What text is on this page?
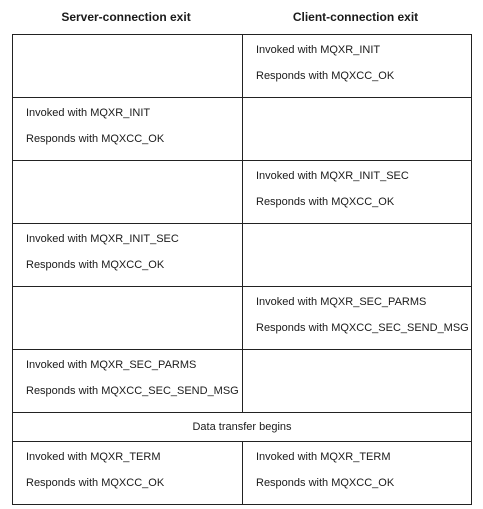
Server-connection exit	Client-connection exit

	Invoked with MQXR_INIT
Responds with MQXCC_OK

Invoked with MQXR_INIT
Responds with MQXCC_OK	

	Invoked with MQXR_INIT_SEC
Responds with MQXCC_OK

Invoked with MQXR_INIT_SEC
Responds with MQXCC_OK	

	Invoked with MQXR_SEC_PARMS
Responds with MQXCC_SEC_SEND_MSG

Invoked with MQXR_SEC_PARMS
Responds with MQXCC_SEC_SEND_MSG	

Data transfer begins	

Invoked with MQXR_TERM
Responds with MQXCC_OK	Invoked with MQXR_TERM
Responds with MQXCC_OK
